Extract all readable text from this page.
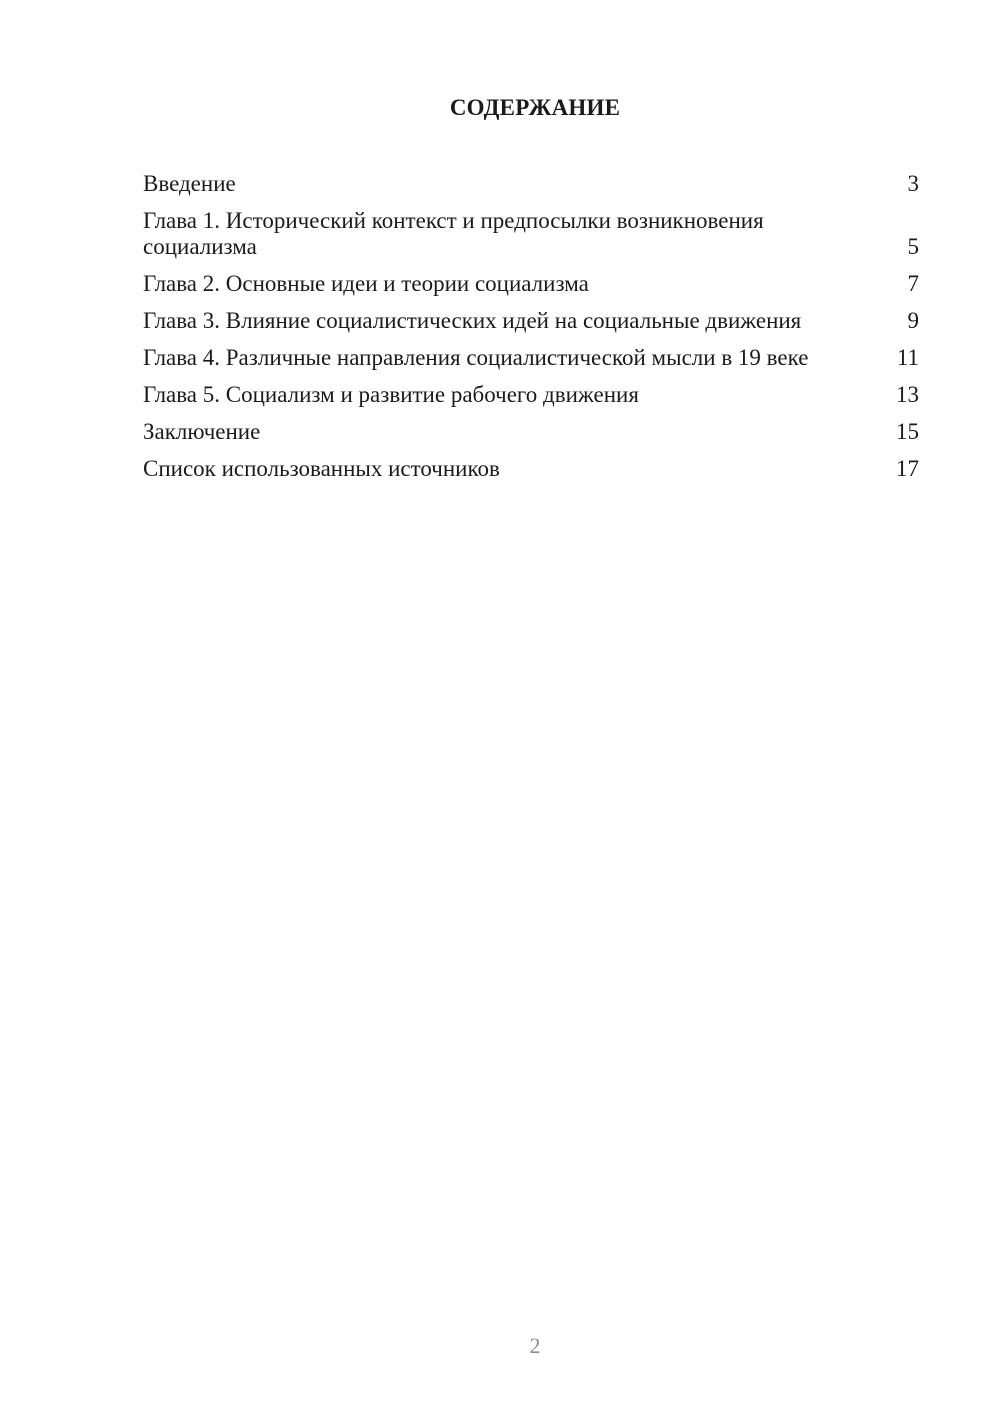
СОДЕРЖАНИЕ
Введение	3
Глава 1. Исторический контекст и предпосылки возникновения социализма	5
Глава 2. Основные идеи и теории социализма	7
Глава 3. Влияние социалистических идей на социальные движения	9
Глава 4. Различные направления социалистической мысли в 19 веке	11
Глава 5. Социализм и развитие рабочего движения	13
Заключение	15
Список использованных источников	17
2
